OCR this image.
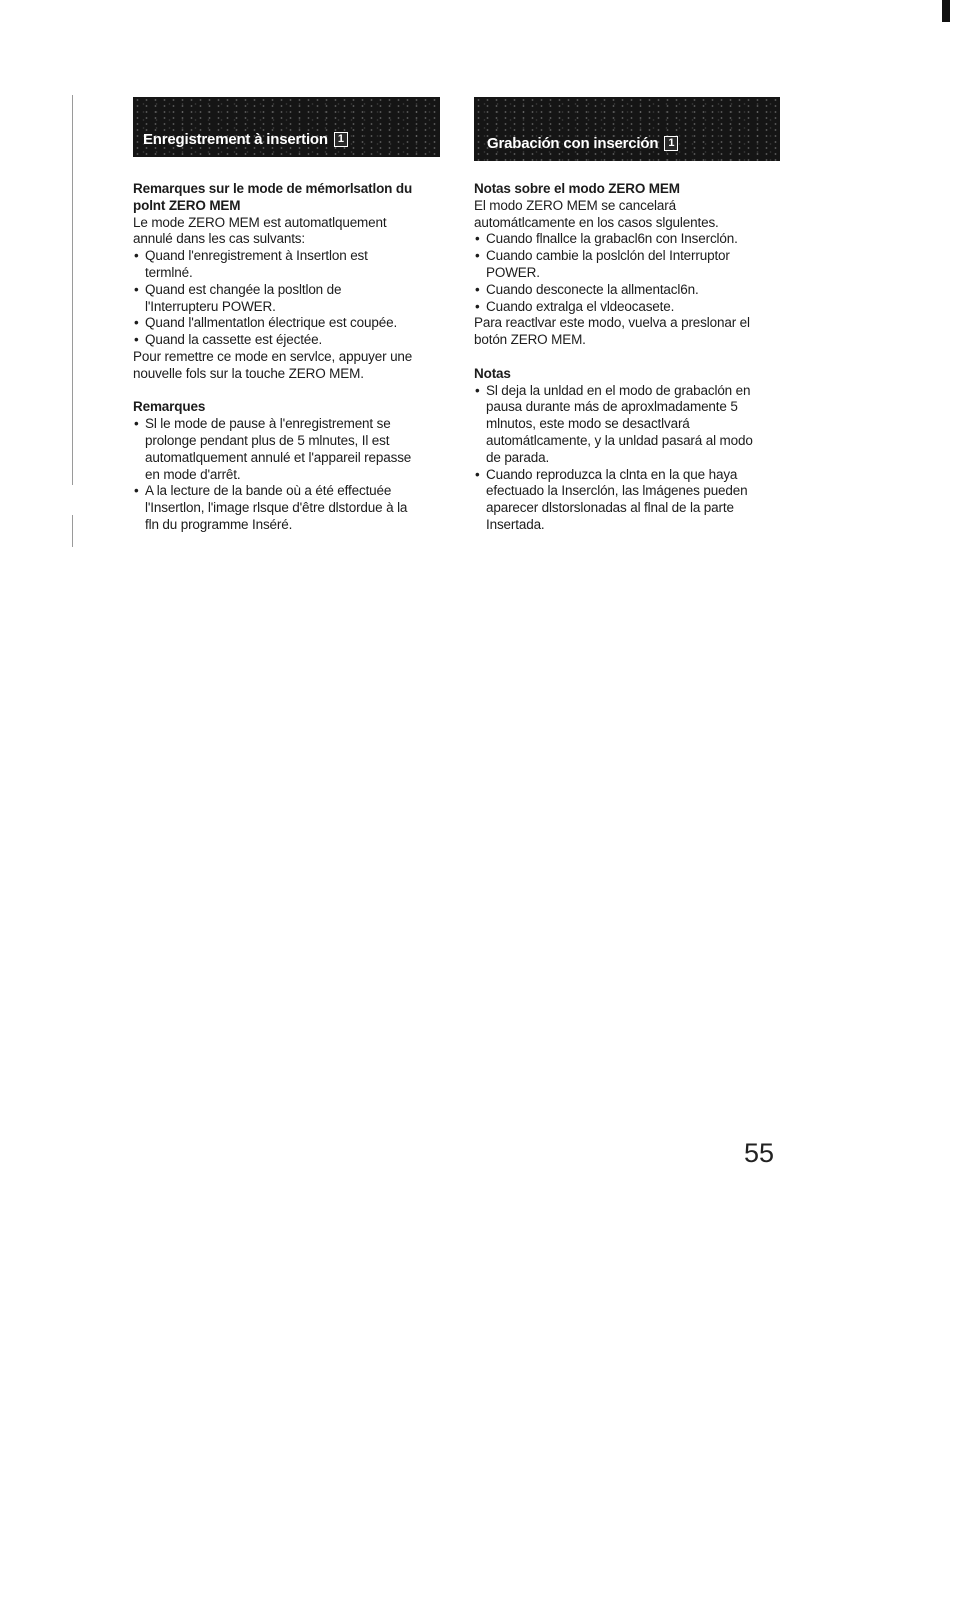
Enregistrement à insertion 1	Grabación con inserción 1
Remarques sur le mode de mémorlsatlon du
polnt ZERO MEM
Le mode ZERO MEM est automatlquement
annulé dans les cas sulvants:
• Quand l'enregistrement à Insertlon est
termlné.
• Quand est changée la posltlon de
l'Interrupteru POWER.
• Quand l'allmentatlon électrique est coupée.
• Quand la cassette est éjectée.
Pour remettre ce mode en servlce, appuyer une
nouvelle fols sur la touche ZERO MEM.
Remarques
• Sl le mode de pause à l'enregistrement se
prolonge pendant plus de 5 mlnutes, Il est
automatlquement annulé et l'appareil repasse
en mode d'arrêt.
• A la lecture de la bande où a été effectuée
l'Insertlon, l'image rlsque d'être dlstordue à la
fln du programme Inséré.
Notas sobre el modo ZERO MEM
El modo ZERO MEM se cancelará
automátlcamente en los casos slgulentes.
• Cuando flnallce la grabacl6n con Inserclón.
• Cuando cambie la poslclón del Interruptor
POWER.
• Cuando desconecte la allmentacl6n.
• Cuando extralga el vldeocasete.
Para reactlvar este modo, vuelva a preslonar el
botón ZERO MEM.
Notas
• Sl deja la unldad en el modo de grabaclón en
pausa durante más de aproxlmadamente 5
mlnutos, este modo se desactlvará
automátlcamente, y la unldad pasará al modo
de parada.
• Cuando reproduzca la clnta en la que haya
efectuado la Inserclón, las lmágenes pueden
aparecer dlstorslonadas al flnal de la parte
Insertada.
55
